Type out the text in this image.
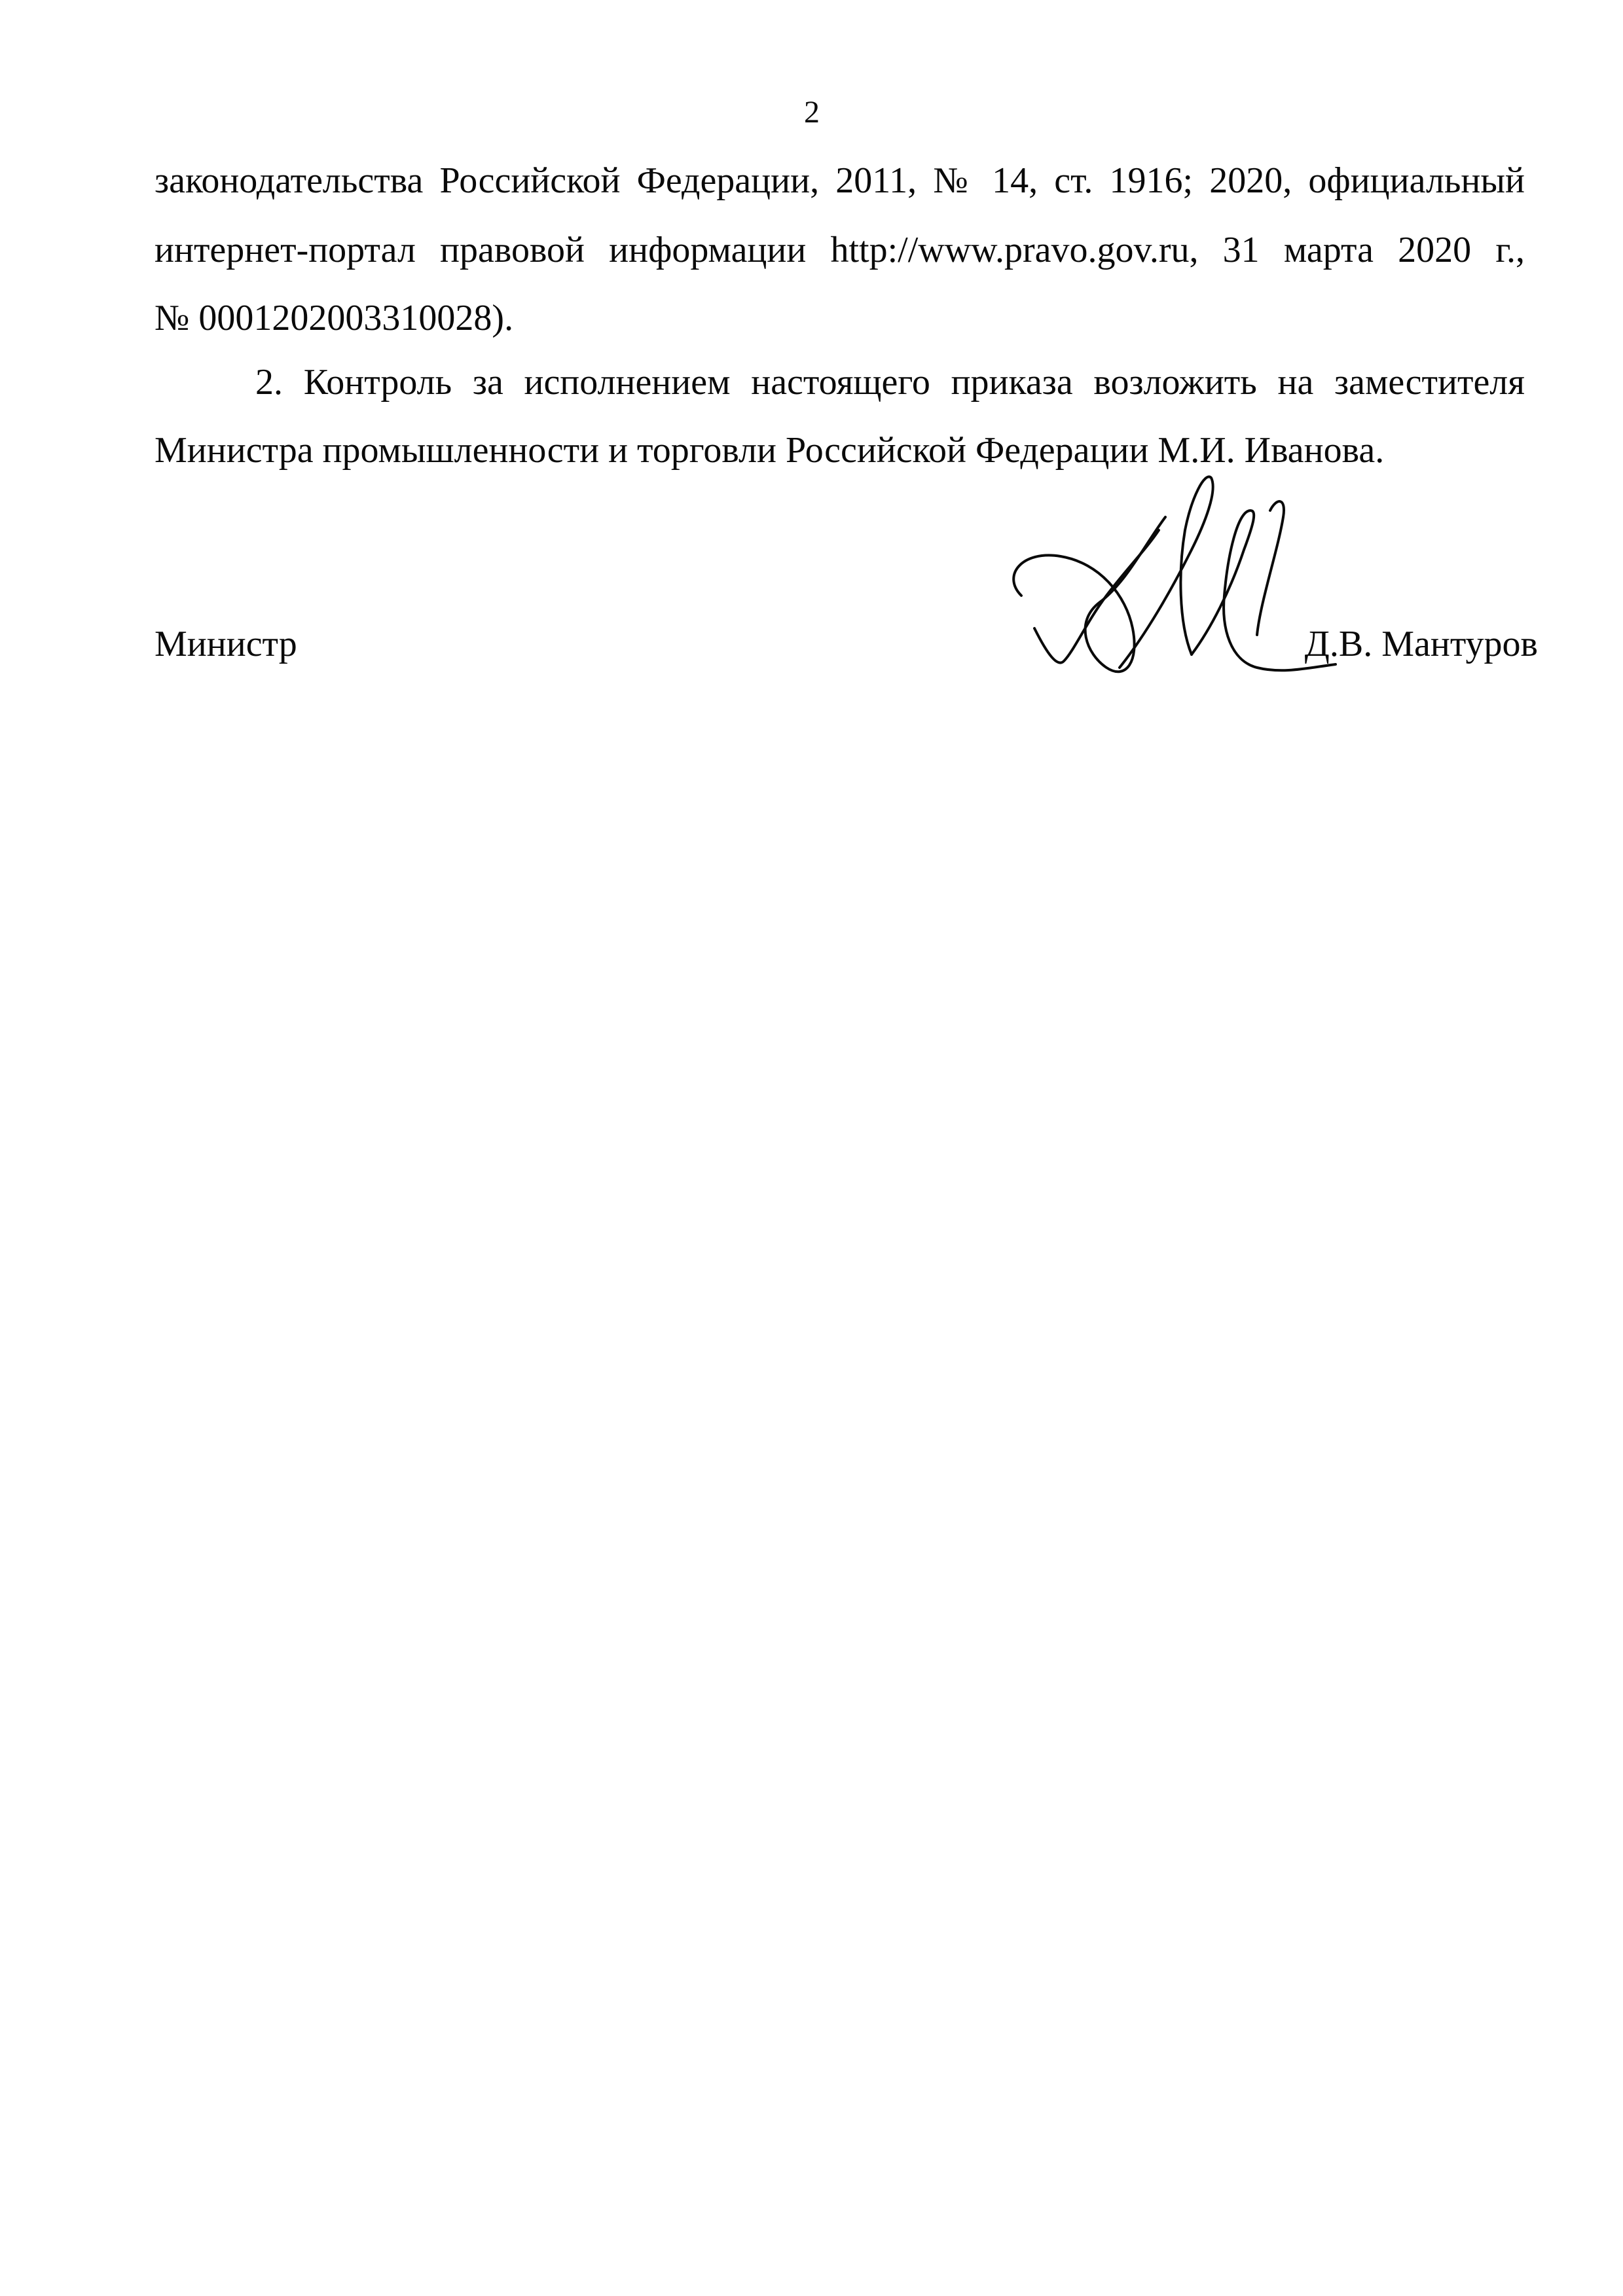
2
законодательства Российской Федерации, 2011, № 14, ст. 1916; 2020, официальный
интернет-портал правовой информации http://www.pravo.gov.ru, 31 марта 2020 г.,
№ 0001202003310028).
2. Контроль за исполнением настоящего приказа возложить на заместителя
Министра промышленности и торговли Российской Федерации М.И. Иванова.
Министр	Д.В. Мантуров
